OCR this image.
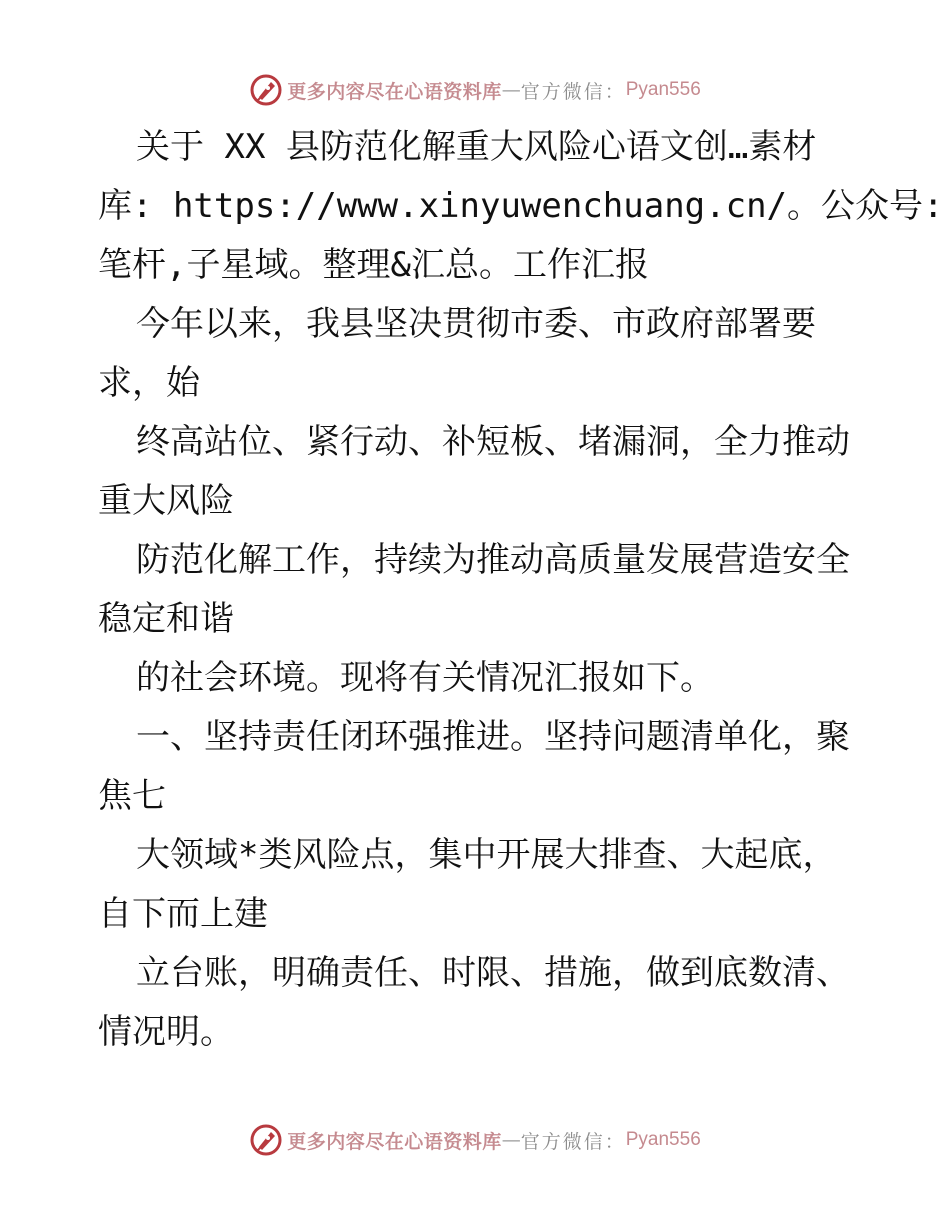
更多内容尽在心语资料库 — 官方微信： Pyan556
关于 XX 县防范化解重大风险心语文创…素材
库: https://www.xinyuwenchuang.cn/。公众号:
笔杆,子星域。整理&汇总。工作汇报
今年以来，我县坚决贯彻市委、市政府部署要
求，始
终高站位、紧行动、补短板、堵漏洞，全力推动
重大风险
防范化解工作，持续为推动高质量发展营造安全
稳定和谐
的社会环境。现将有关情况汇报如下。
一、坚持责任闭环强推进。坚持问题清单化，聚
焦七
大领域*类风险点，集中开展大排查、大起底，
自下而上建
立台账，明确责任、时限、措施，做到底数清、
情况明。
更多内容尽在心语资料库 — 官方微信： Pyan556
